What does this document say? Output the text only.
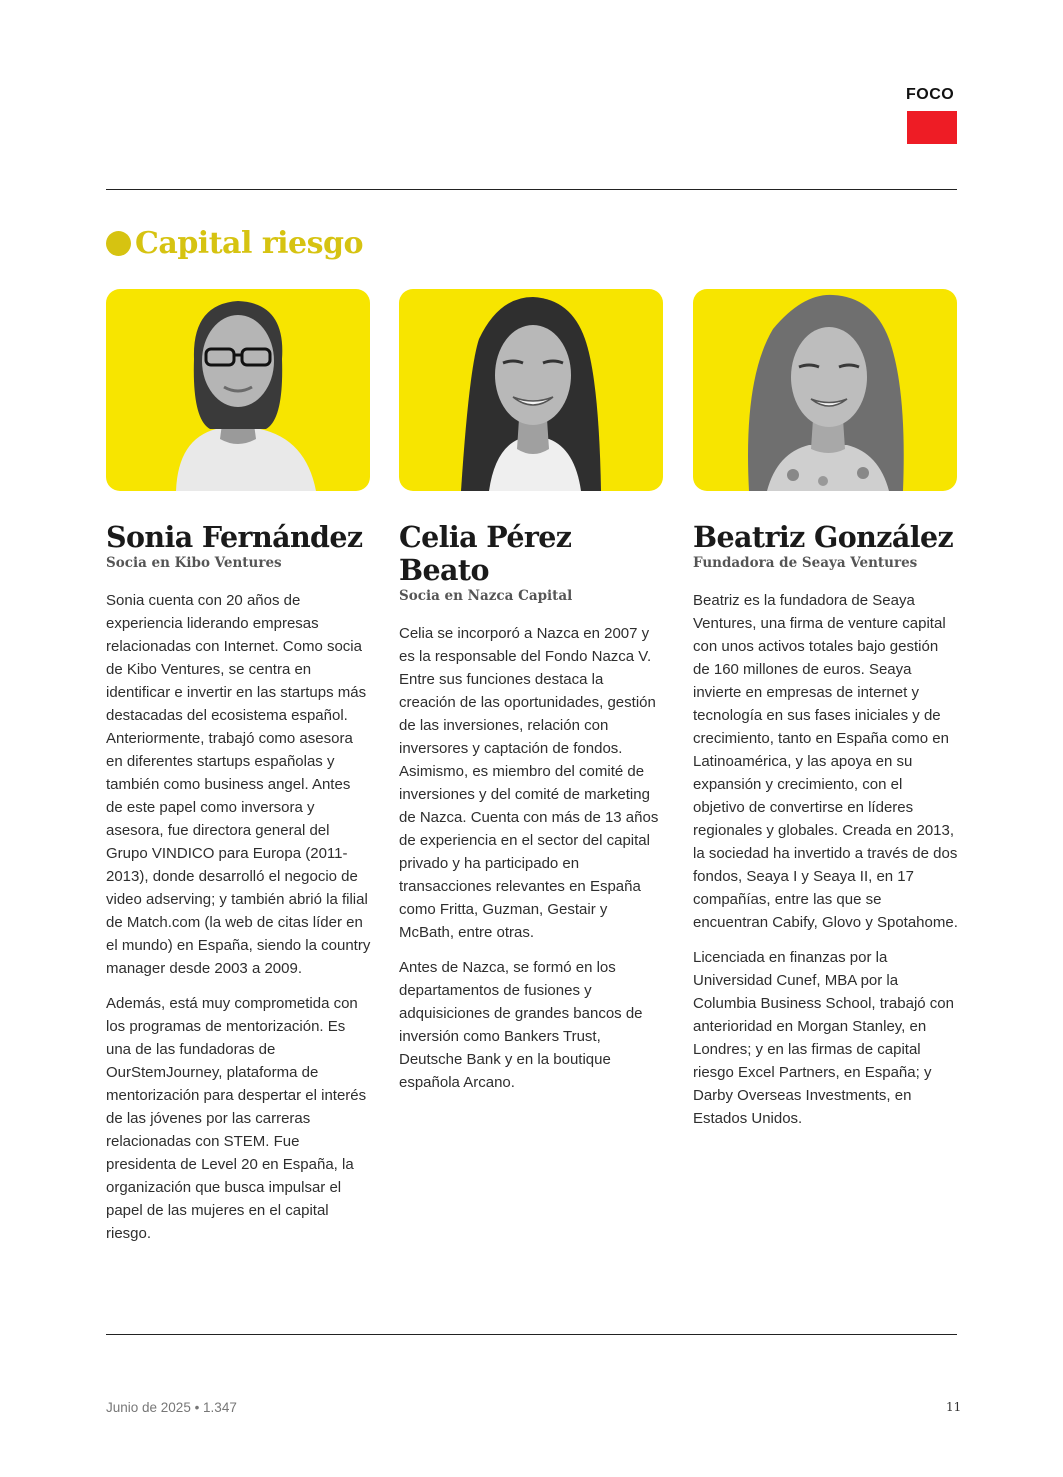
FOCO
Capital riesgo
Sonia Fernández
Socia en Kibo Ventures

Sonia cuenta con 20 años de experiencia liderando empresas relacionadas con Internet. Como socia de Kibo Ventures, se centra en identificar e invertir en las startups más destacadas del ecosistema español. Anteriormente, trabajó como asesora en diferentes startups españolas y también como business angel. Antes de este papel como inversora y asesora, fue directora general del Grupo VINDICO para Europa (2011-2013), donde desarrolló el negocio de video adserving; y también abrió la filial de Match.com (la web de citas líder en el mundo) en España, siendo la country manager desde 2003 a 2009.

Además, está muy comprometida con los programas de mentorización. Es una de las fundadoras de OurStemJourney, plataforma de mentorización para despertar el interés de las jóvenes por las carreras relacionadas con STEM. Fue presidenta de Level 20 en España, la organización que busca impulsar el papel de las mujeres en el capital riesgo.

Celia Pérez Beato
Socia en Nazca Capital

Celia se incorporó a Nazca en 2007 y es la responsable del Fondo Nazca V. Entre sus funciones destaca la creación de las oportunidades, gestión de las inversiones, relación con inversores y captación de fondos. Asimismo, es miembro del comité de inversiones y del comité de marketing de Nazca. Cuenta con más de 13 años de experiencia en el sector del capital privado y ha participado en transacciones relevantes en España como Fritta, Guzman, Gestair y McBath, entre otras.

Antes de Nazca, se formó en los departamentos de fusiones y adquisiciones de grandes bancos de inversión como Bankers Trust, Deutsche Bank y en la boutique española Arcano.

Beatriz González
Fundadora de Seaya Ventures

Beatriz es la fundadora de Seaya Ventures, una firma de venture capital con unos activos totales bajo gestión de 160 millones de euros. Seaya invierte en empresas de internet y tecnología en sus fases iniciales y de crecimiento, tanto en España como en Latinoamérica, y las apoya en su expansión y crecimiento, con el objetivo de convertirse en líderes regionales y globales. Creada en 2013, la sociedad ha invertido a través de dos fondos, Seaya I y Seaya II, en 17 compañías, entre las que se encuentran Cabify, Glovo y Spotahome.

Licenciada en finanzas por la Universidad Cunef, MBA por la Columbia Business School, trabajó con anterioridad en Morgan Stanley, en Londres; y en las firmas de capital riesgo Excel Partners, en España; y Darby Overseas Investments, en Estados Unidos.

Junio de 2025 • 1.347	11
